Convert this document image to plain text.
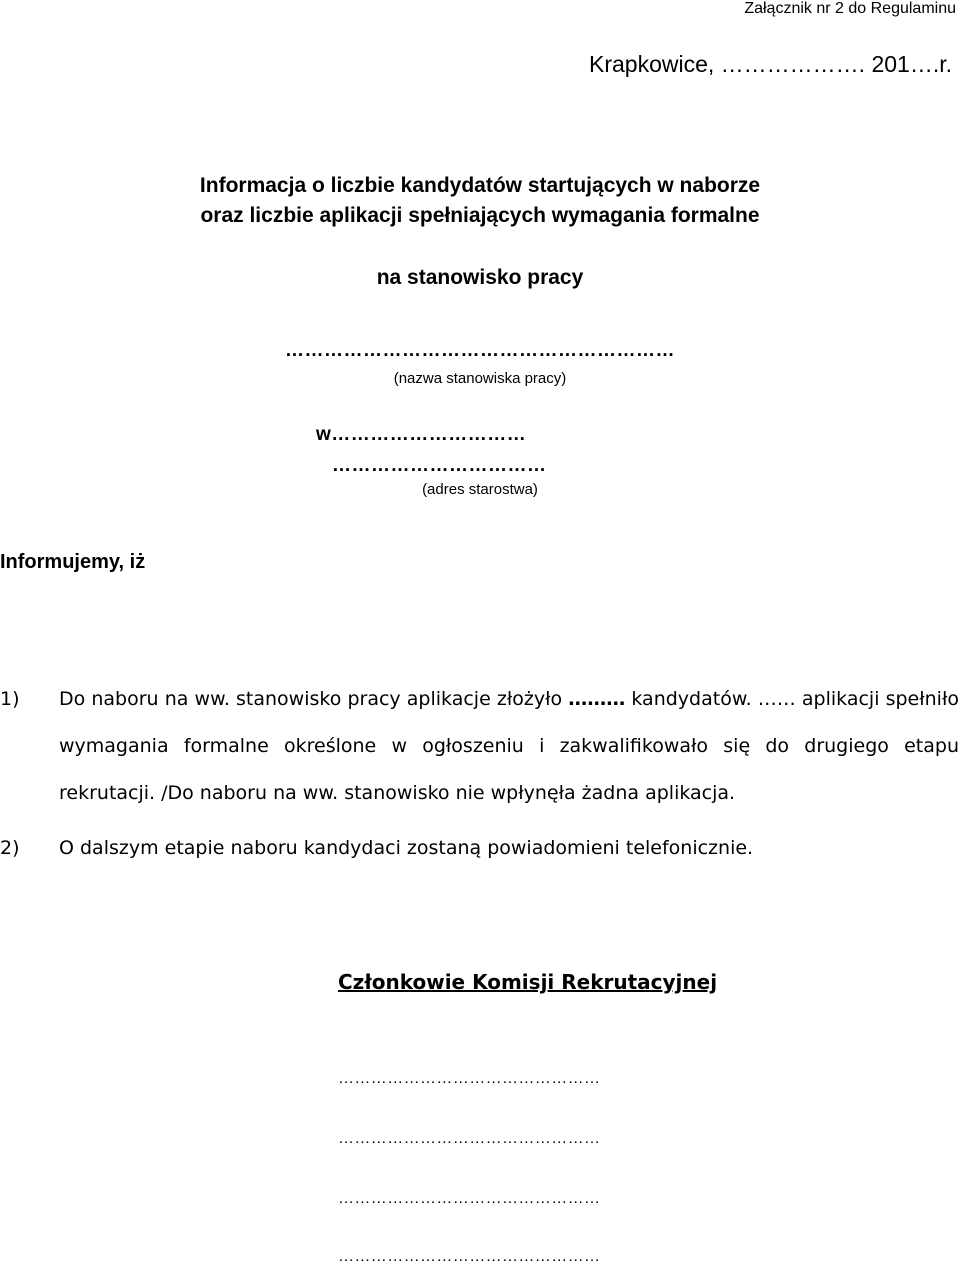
Załącznik nr 2 do Regulaminu
Krapkowice, ………………. 201….r.
Informacja o liczbie kandydatów startujących w naborze
oraz liczbie aplikacji spełniających wymagania formalne
na stanowisko pracy
……………………………………………………
(nazwa stanowiska pracy)
w…………………………
……………………………
(adres starostwa)
Informujemy, iż
1) Do naboru na ww. stanowisko pracy aplikacje złożyło ……… kandydatów. …… aplikacji spełniło wymagania formalne określone w ogłoszeniu i zakwalifikowało się do drugiego etapu rekrutacji. /Do naboru na ww. stanowisko nie wpłynęła żadna aplikacja.
2) O dalszym etapie naboru kandydaci zostaną powiadomieni telefonicznie.
Członkowie Komisji Rekrutacyjnej
…………………………………………
…………………………………………
…………………………………………
…………………………………………
